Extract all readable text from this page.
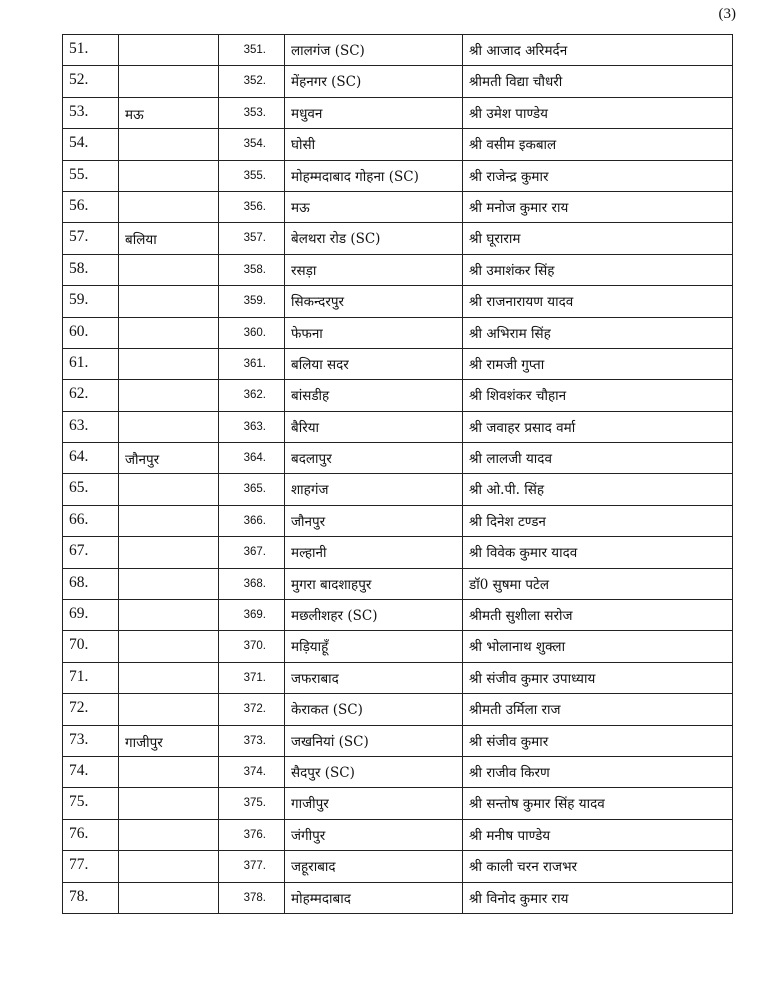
(3)
51.		351.	लालगंज (SC)	श्री आजाद अरिमर्दन
52.		352.	मेंहनगर (SC)	श्रीमती विद्या चौधरी
53.	मऊ	353.	मधुवन	श्री उमेश पाण्डेय
54.		354.	घोसी	श्री वसीम इकबाल
55.		355.	मोहम्मदाबाद गोहना (SC)	श्री राजेन्द्र कुमार
56.		356.	मऊ	श्री मनोज कुमार राय
57.	बलिया	357.	बेलथरा रोड (SC)	श्री घूराराम
58.		358.	रसड़ा	श्री उमाशंकर सिंह
59.		359.	सिकन्दरपुर	श्री राजनारायण यादव
60.		360.	फेफना	श्री अभिराम सिंह
61.		361.	बलिया सदर	श्री रामजी गुप्ता
62.		362.	बांसडीह	श्री शिवशंकर चौहान
63.		363.	बैरिया	श्री जवाहर प्रसाद वर्मा
64.	जौनपुर	364.	बदलापुर	श्री लालजी यादव
65.		365.	शाहगंज	श्री ओ.पी. सिंह
66.		366.	जौनपुर	श्री दिनेश टण्डन
67.		367.	मल्हानी	श्री विवेक कुमार यादव
68.		368.	मुगरा बादशाहपुर	डॉ0 सुषमा पटेल
69.		369.	मछलीशहर (SC)	श्रीमती सुशीला सरोज
70.		370.	मड़ियाहूँ	श्री भोलानाथ शुक्ला
71.		371.	जफराबाद	श्री संजीव कुमार उपाध्याय
72.		372.	केराकत (SC)	श्रीमती उर्मिला राज
73.	गाजीपुर	373.	जखनियां (SC)	श्री संजीव कुमार
74.		374.	सैदपुर (SC)	श्री राजीव किरण
75.		375.	गाजीपुर	श्री सन्तोष कुमार सिंह यादव
76.		376.	जंगीपुर	श्री मनीष पाण्डेय
77.		377.	जहूराबाद	श्री काली चरन राजभर
78.		378.	मोहम्मदाबाद	श्री विनोद कुमार राय
